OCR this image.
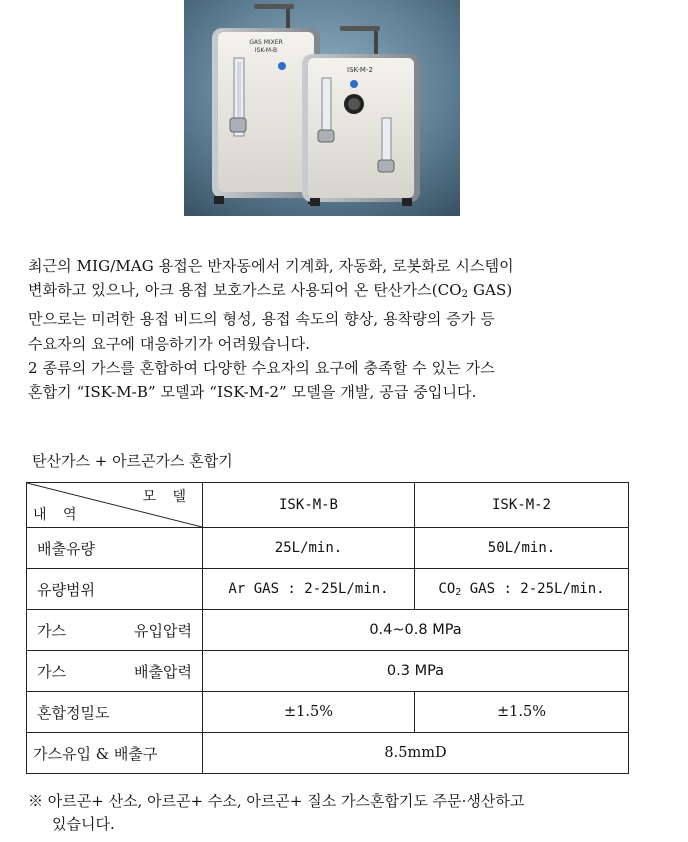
GAS MIXER
ISK-M-B
ISK-M-2

최근의 MIG/MAG 용접은 반자동에서 기계화, 자동화, 로봇화로 시스템이

변화하고 있으나, 아크 용접 보호가스로 사용되어 온 탄산가스($CO_2$ GAS)

만으로는 미려한 용접 비드의 형성, 용접 속도의 향상, 용착량의 증가 등

수요자의 요구에 대응하기가 어려웠습니다.

2 종류의 가스를 혼합하여 다양한 수요자의 요구에 충족할 수 있는 가스

혼합기 “ISK-M-B” 모델과 “ISK-M-2” 모델을 개발, 공급 중입니다.

탄산가스 + 아르곤가스 혼합기
모 델
내 역	ISK-M-B	ISK-M-2
배출유량	25L/min.	50L/min.
유량범위	Ar GAS : 2-25L/min.	$CO_2$ GAS : 2-25L/min.
가스 유입압력	0.4~0.8 MPa	
가스 배출압력	0.3 MPa	
혼합정밀도	±1.5%	±1.5%
가스유입 & 배출구	8.5mmD	

※ 아르곤+ 산소, 아르곤+ 수소, 아르곤+ 질소 가스혼합기도 주문·생산하고

있습니다.
